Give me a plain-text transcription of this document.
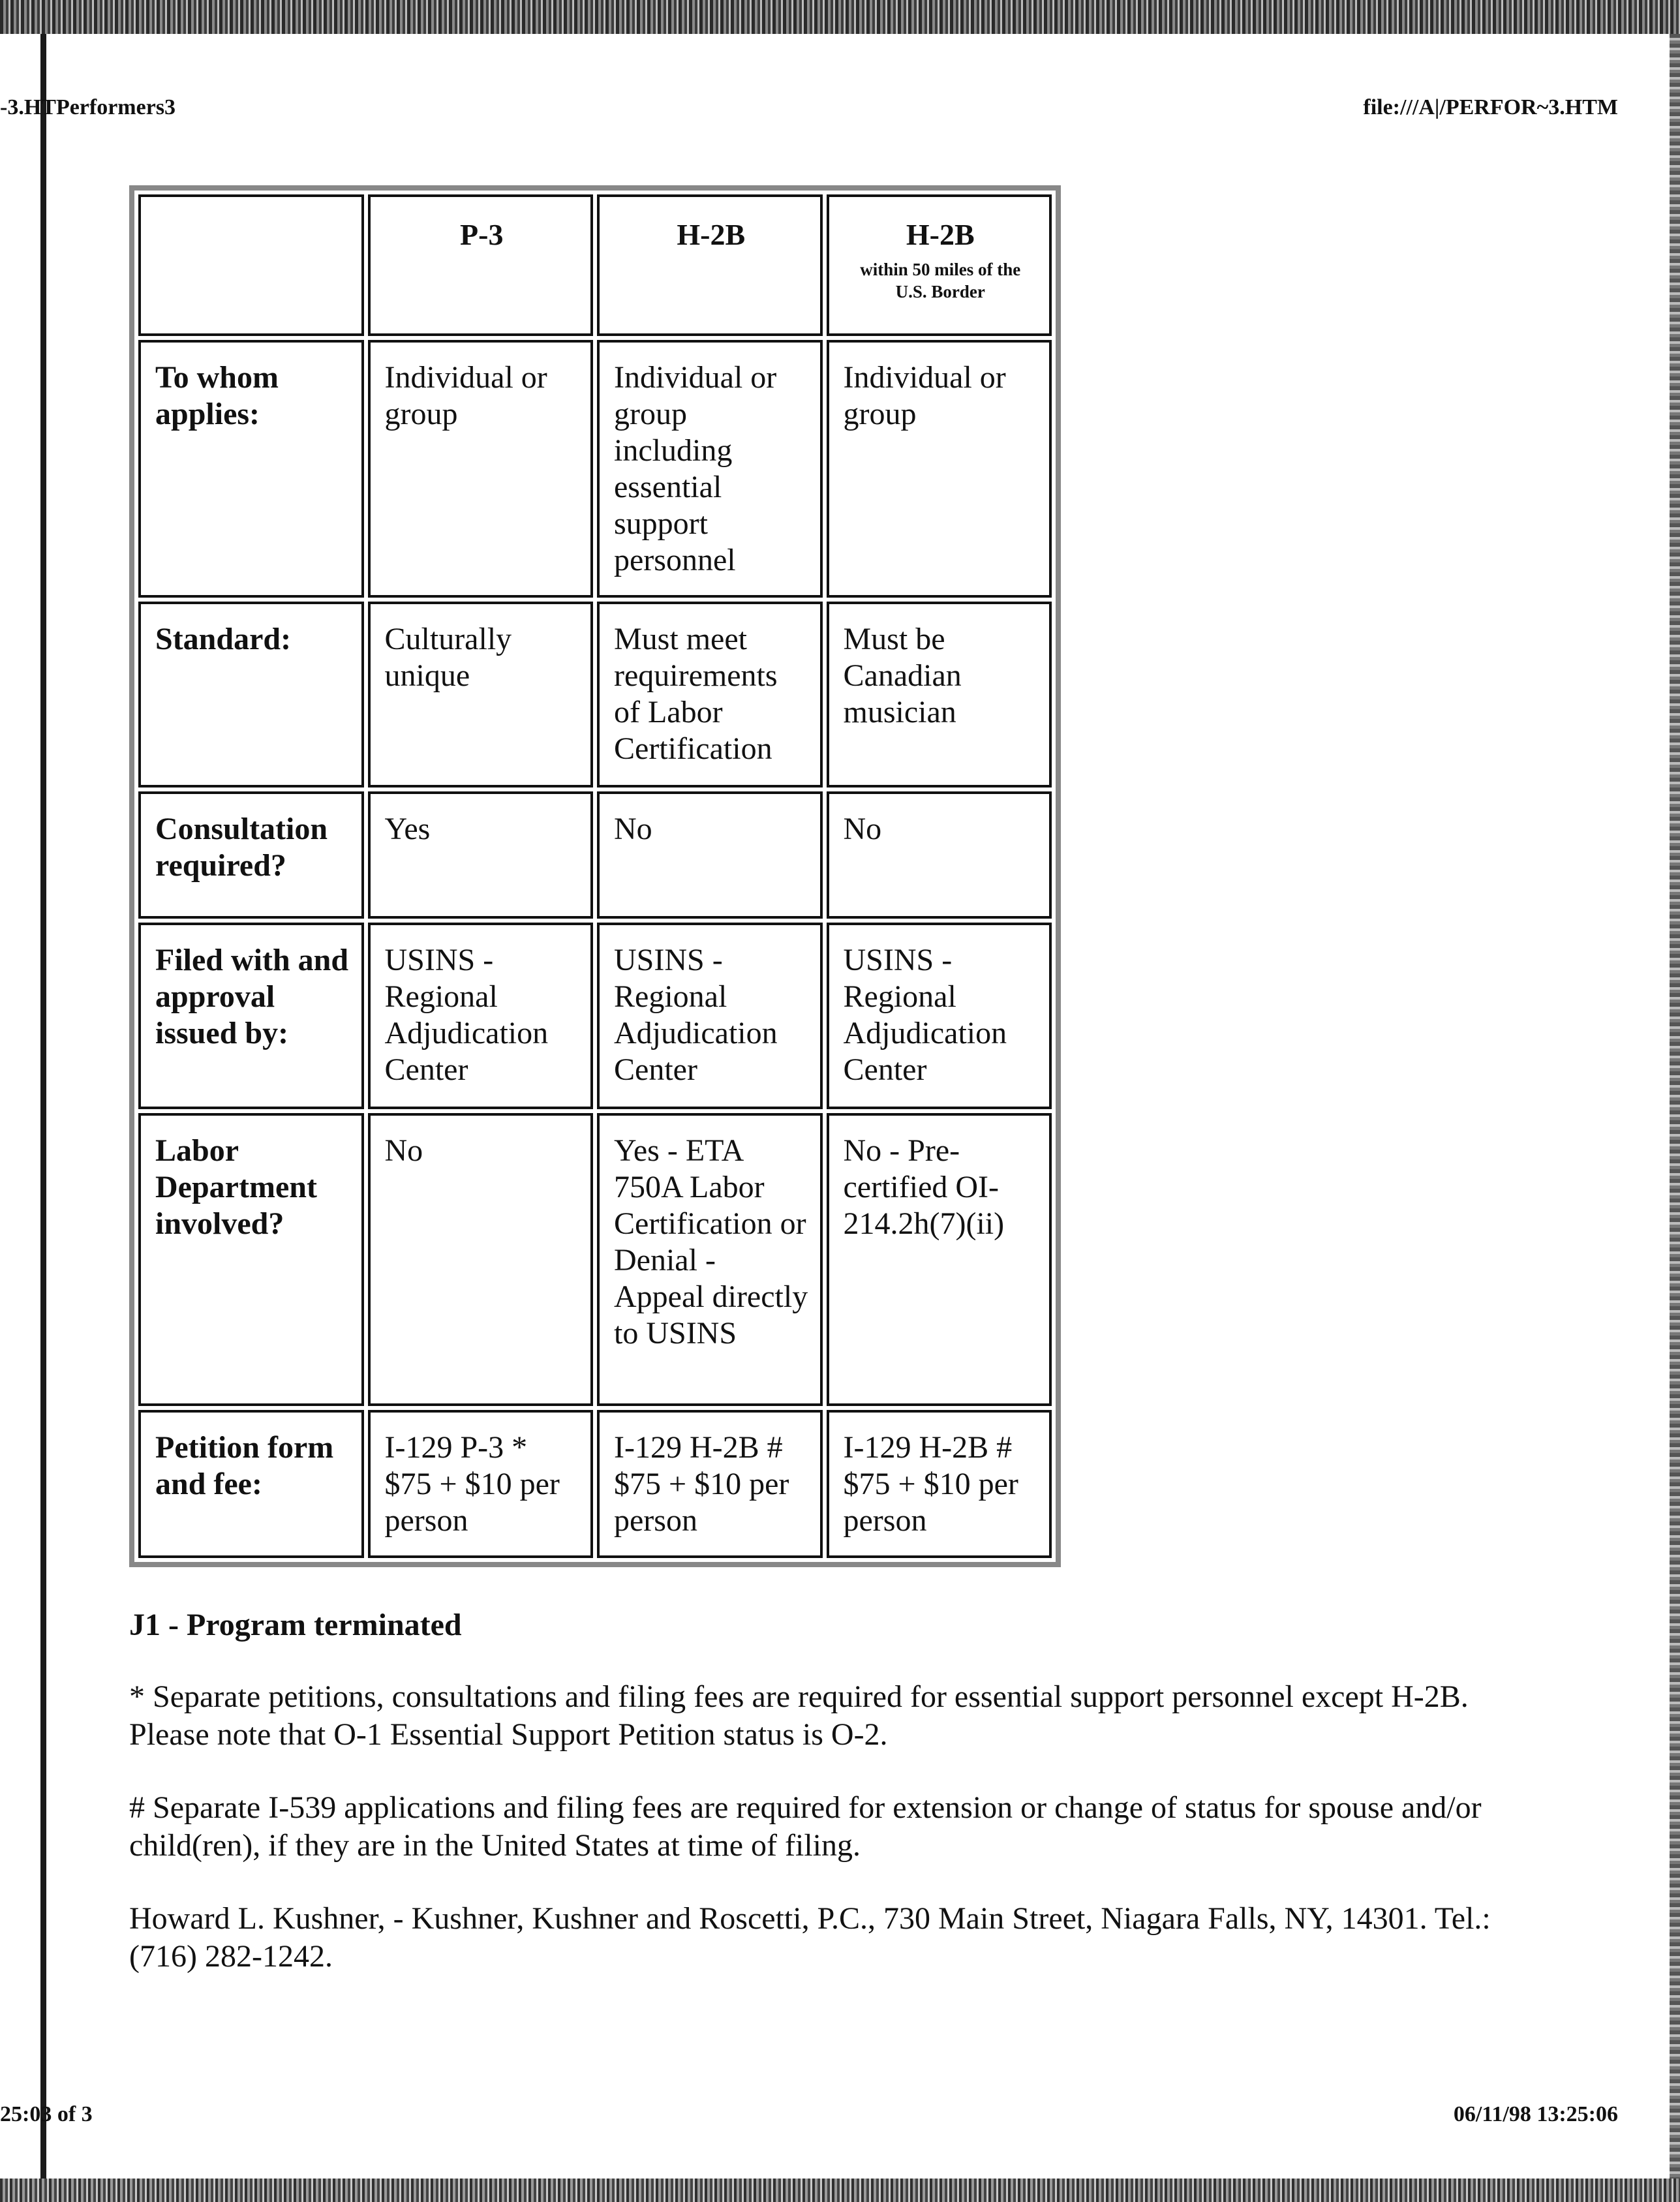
-3.HTPerformers3	file:///A|/PERFOR~3.HTM
	P-3	H-2B	H-2B
within 50 miles of the U.S. Border

To whom applies:	Individual or group	Individual or group including essential support personnel	Individual or group
Standard:	Culturally unique	Must meet requirements of Labor Certification	Must be Canadian musician
Consultation required?	Yes	No	No
Filed with and approval issued by:	USINS - Regional Adjudication Center	USINS - Regional Adjudication Center	USINS - Regional Adjudication Center
Labor Department involved?	No	Yes - ETA 750A Labor Certification or Denial - Appeal directly to USINS	No - Pre-certified OI-214.2h(7)(ii)
Petition form and fee:	I-129 P-3 * $75 + $10 per person	I-129 H-2B # $75 + $10 per person	I-129 H-2B # $75 + $10 per person
J1 - Program terminated
* Separate petitions, consultations and filing fees are required for essential support personnel except H-2B. Please note that O-1 Essential Support Petition status is O-2.
# Separate I-539 applications and filing fees are required for extension or change of status for spouse and/or child(ren), if they are in the United States at time of filing.
Howard L. Kushner, - Kushner, Kushner and Roscetti, P.C., 730 Main Street, Niagara Falls, NY, 14301. Tel.: (716) 282-1242.
25:03 of 3	06/11/98 13:25:06
